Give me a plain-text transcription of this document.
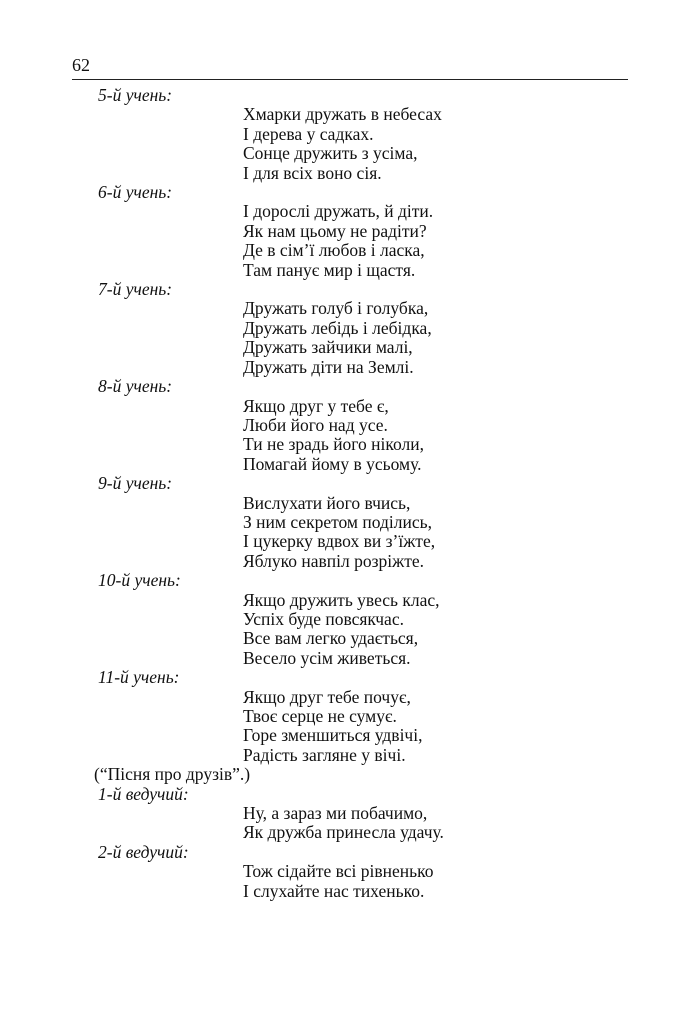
62

5-й учень:

Хмарки дружать в небесах
І дерева у садках.
Сонце дружить з усіма,
І для всіх воно сія.

6-й учень:

І дорослі дружать, й діти.
Як нам цьому не радіти?
Де в сім’ї любов і ласка,
Там панує мир і щастя.

7-й учень:

Дружать голуб і голубка,
Дружать лебідь і лебідка,
Дружать зайчики малі,
Дружать діти на Землі.

8-й учень:

Якщо друг у тебе є,
Люби його над усе.
Ти не зрадь його ніколи,
Помагай йому в усьому.

9-й учень:

Вислухати його вчись,
З ним секретом поділись,
І цукерку вдвох ви з’їжте,
Яблуко навпіл розріжте.

10-й учень:

Якщо дружить увесь клас,
Успіх буде повсякчас.
Все вам легко удається,
Весело усім живеться.

11-й учень:

Якщо друг тебе почує,
Твоє серце не сумує.
Горе зменшиться удвічі,
Радість загляне у вічі.

(“Пісня про друзів”.)

1-й ведучий:

Ну, а зараз ми побачимо,
Як дружба принесла удачу.

2-й ведучий:

Тож сідайте всі рівненько
І слухайте нас тихенько.
